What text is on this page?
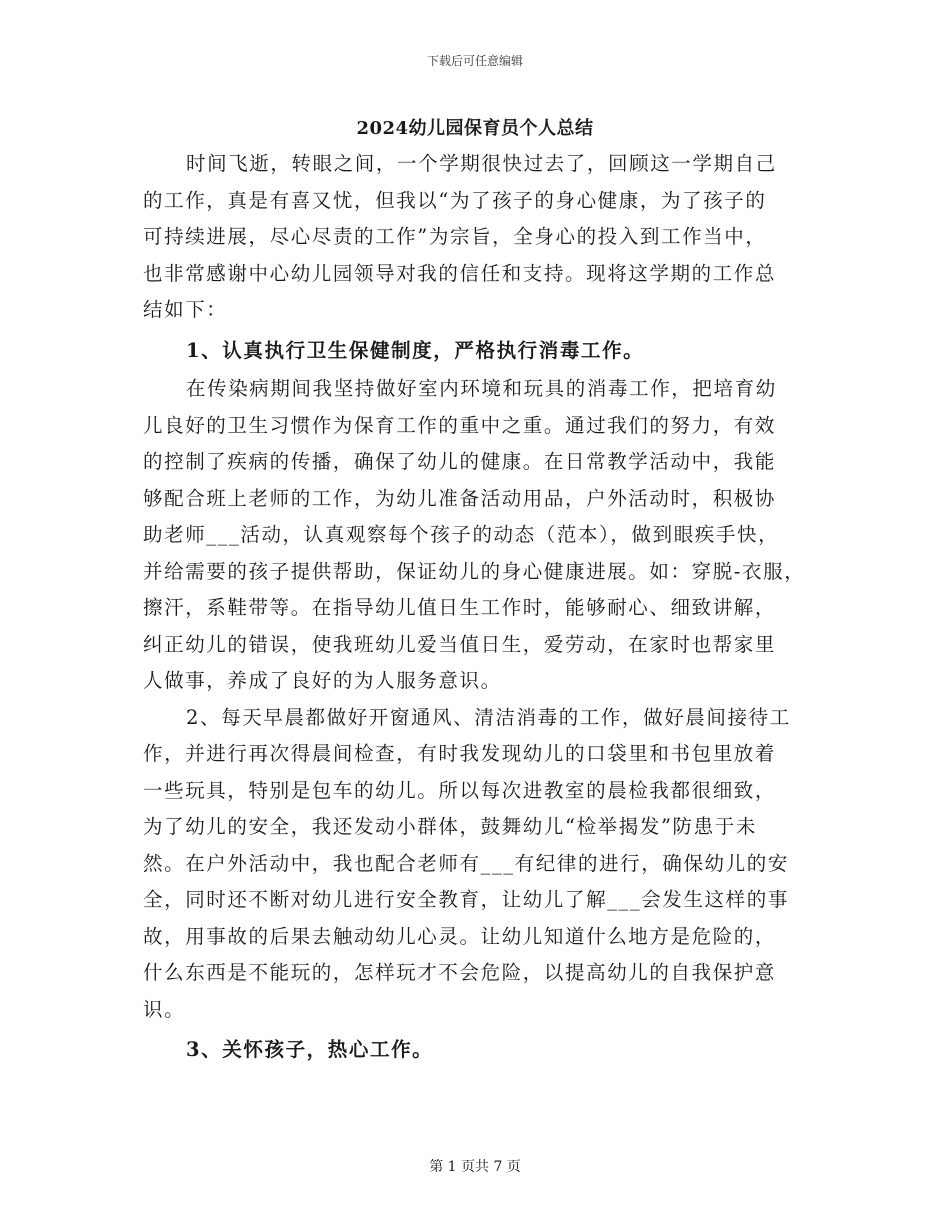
下载后可任意编辑
2024幼儿园保育员个人总结
时间飞逝，转眼之间，一个学期很快过去了，回顾这一学期自己
的工作，真是有喜又忧，但我以“为了孩子的身心健康，为了孩子的
可持续进展，尽心尽责的工作”为宗旨，全身心的投入到工作当中，
也非常感谢中心幼儿园领导对我的信任和支持。现将这学期的工作总
结如下：
1、认真执行卫生保健制度，严格执行消毒工作。
在传染病期间我坚持做好室内环境和玩具的消毒工作，把培育幼
儿良好的卫生习惯作为保育工作的重中之重。通过我们的努力，有效
的控制了疾病的传播，确保了幼儿的健康。在日常教学活动中，我能
够配合班上老师的工作，为幼儿准备活动用品，户外活动时，积极协
助老师___活动，认真观察每个孩子的动态（范本），做到眼疾手快，
并给需要的孩子提供帮助，保证幼儿的身心健康进展。如：穿脱-衣服，
擦汗，系鞋带等。在指导幼儿值日生工作时，能够耐心、细致讲解，
纠正幼儿的错误，使我班幼儿爱当值日生，爱劳动，在家时也帮家里
人做事，养成了良好的为人服务意识。
2、每天早晨都做好开窗通风、清洁消毒的工作，做好晨间接待工
作，并进行再次得晨间检查，有时我发现幼儿的口袋里和书包里放着
一些玩具，特别是包车的幼儿。所以每次进教室的晨检我都很细致，
为了幼儿的安全，我还发动小群体，鼓舞幼儿“检举揭发”防患于未
然。在户外活动中，我也配合老师有___有纪律的进行，确保幼儿的安
全，同时还不断对幼儿进行安全教育，让幼儿了解___会发生这样的事
故，用事故的后果去触动幼儿心灵。让幼儿知道什么地方是危险的，
什么东西是不能玩的，怎样玩才不会危险，以提高幼儿的自我保护意
识。
3、关怀孩子，热心工作。
第 1 页共 7 页
